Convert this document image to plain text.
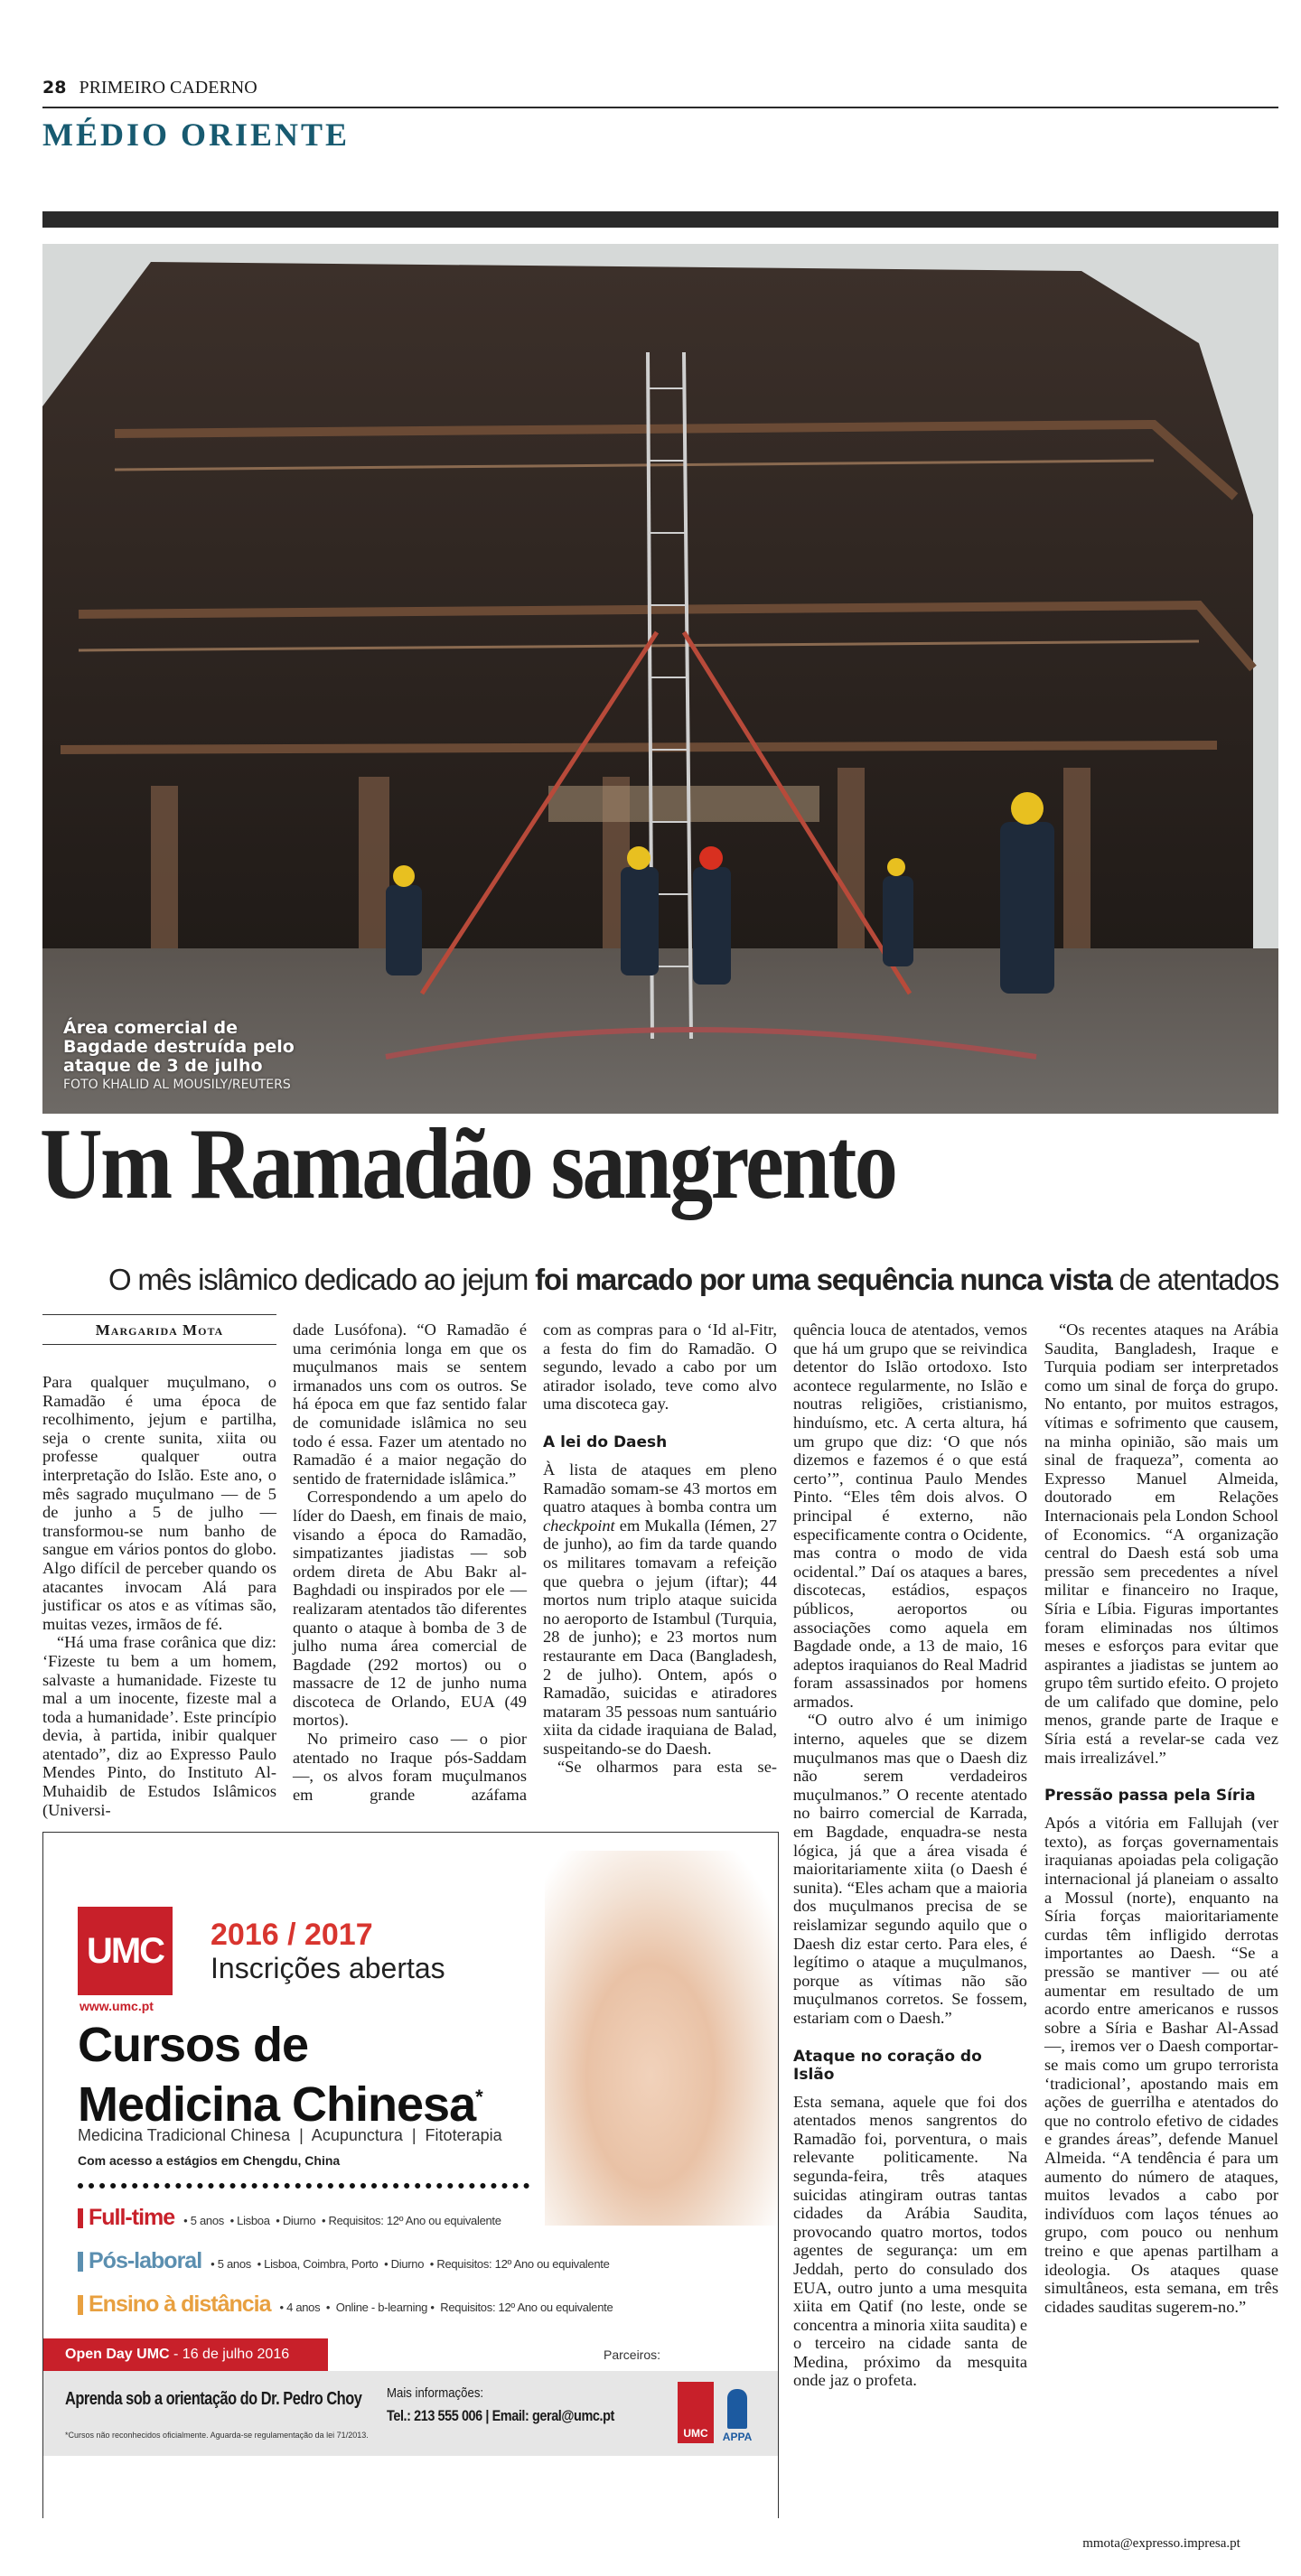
28 PRIMEIRO CADERNO
MÉDIO ORIENTE
Área comercial de Bagdade destruída pelo ataque de 3 de julho
FOTO KHALID AL MOUSILY/REUTERS
Um Ramadão sangrento
O mês islâmico dedicado ao jejum foi marcado por uma sequência nunca vista de atentados
Margarida Mota

Para qualquer muçulmano, o Ramadão é uma época de recolhimento, jejum e partilha, seja o crente sunita, xiita ou professe qualquer outra interpretação do Islão. Este ano, o mês sagrado muçulmano — de 5 de junho a 5 de julho — transformou-se num banho de sangue em vários pontos do globo. Algo difícil de perceber quando os atacantes invocam Alá para justificar os atos e as vítimas são, muitas vezes, irmãos de fé.

“Há uma frase corânica que diz: ‘Fizeste tu bem a um homem, salvaste a humanidade. Fizeste tu mal a um inocente, fizeste mal a toda a humanidade’. Este princípio devia, à partida, inibir qualquer atentado”, diz ao Expresso Paulo Mendes Pinto, do Instituto Al-Muhaidib de Estudos Islâmicos (Universi-

dade Lusófona). “O Ramadão é uma cerimónia longa em que os muçulmanos mais se sentem irmanados uns com os outros. Se há época em que faz sentido falar de comunidade islâmica no seu todo é essa. Fazer um atentado no Ramadão é a maior negação do sentido de fraternidade islâmica.”

Correspondendo a um apelo do líder do Daesh, em finais de maio, visando a época do Ramadão, simpatizantes jiadistas — sob ordem direta de Abu Bakr al-Baghdadi ou inspirados por ele — realizaram atentados tão diferentes quanto o ataque à bomba de 3 de julho numa área comercial de Bagdade (292 mortos) ou o massacre de 12 de junho numa discoteca de Orlando, EUA (49 mortos).

No primeiro caso — o pior atentado no Iraque pós-Saddam —, os alvos foram muçulmanos em grande azáfama

com as compras para o ‘Id al-Fitr, a festa do fim do Ramadão. O segundo, levado a cabo por um atirador isolado, teve como alvo uma discoteca gay.

A lei do Daesh

À lista de ataques em pleno Ramadão somam-se 43 mortos em quatro ataques à bomba contra um checkpoint em Mukalla (Iémen, 27 de junho), ao fim da tarde quando os militares tomavam a refeição que quebra o jejum (iftar); 44 mortos num triplo ataque suicida no aeroporto de Istambul (Turquia, 28 de junho); e 23 mortos num restaurante em Daca (Bangladesh, 2 de julho). Ontem, após o Ramadão, suicidas e atiradores mataram 35 pessoas num santuário xiita da cidade iraquiana de Balad, suspeitando-se do Daesh.

“Se olharmos para esta se-

quência louca de atentados, vemos que há um grupo que se reivindica detentor do Islão ortodoxo. Isto acontece regularmente, no Islão e noutras religiões, cristianismo, hinduísmo, etc. A certa altura, há um grupo que diz: ‘O que nós dizemos e fazemos é o que está certo’”, continua Paulo Mendes Pinto. “Eles têm dois alvos. O principal é externo, não especificamente contra o Ocidente, mas contra o modo de vida ocidental.” Daí os ataques a bares, discotecas, estádios, espaços públicos, aeroportos ou associações como aquela em Bagdade onde, a 13 de maio, 16 adeptos iraquianos do Real Madrid foram assassinados por homens armados.

“O outro alvo é um inimigo interno, aqueles que se dizem muçulmanos mas que o Daesh diz não serem verdadeiros muçulmanos.” O recente atentado no bairro comercial de Karrada, em Bagdade, enquadra-se nesta lógica, já que a área visada é maioritariamente xiita (o Daesh é sunita). “Eles acham que a maioria dos muçulmanos precisa de se reislamizar segundo aquilo que o Daesh diz estar certo. Para eles, é legítimo o ataque a muçulmanos, porque as vítimas não são muçulmanos corretos. Se fossem, estariam com o Daesh.”

Ataque no coração do Islão

Esta semana, aquele que foi dos atentados menos sangrentos do Ramadão foi, porventura, o mais relevante politicamente. Na segunda-feira, três ataques suicidas atingiram outras tantas cidades da Arábia Saudita, provocando quatro mortos, todos agentes de segurança: um em Jeddah, perto do consulado dos EUA, outro junto a uma mesquita xiita em Qatif (no leste, onde se concentra a minoria xiita saudita) e o terceiro na cidade santa de Medina, próximo da mesquita onde jaz o profeta.

“Os recentes ataques na Arábia Saudita, Bangladesh, Iraque e Turquia podiam ser interpretados como um sinal de força do grupo. No entanto, por muitos estragos, vítimas e sofrimento que causem, na minha opinião, são mais um sinal de fraqueza”, comenta ao Expresso Manuel Almeida, doutorado em Relações Internacionais pela London School of Economics. “A organização central do Daesh está sob uma pressão sem precedentes a nível militar e financeiro no Iraque, Síria e Líbia. Figuras importantes foram eliminadas nos últimos meses e esforços para evitar que aspirantes a jiadistas se juntem ao grupo têm surtido efeito. O projeto de um califado que domine, pelo menos, grande parte de Iraque e Síria está a revelar-se cada vez mais irrealizável.”

Pressão passa pela Síria

Após a vitória em Fallujah (ver texto), as forças governamentais iraquianas apoiadas pela coligação internacional já planeiam o assalto a Mossul (norte), enquanto na Síria forças maioritariamente curdas têm infligido derrotas importantes ao Daesh. “Se a pressão se mantiver — ou até aumentar em resultado de um acordo entre americanos e russos sobre a Síria e Bashar Al-Assad —, iremos ver o Daesh comportar-se mais como um grupo terrorista ‘tradicional’, apostando mais em ações de guerrilha e atentados do que no controlo efetivo de cidades e grandes áreas”, defende Manuel Almeida. “A tendência é para um aumento do número de ataques, muitos levados a cabo por indivíduos com laços ténues ao grupo, com pouco ou nenhum treino e que apenas partilham a ideologia. Os ataques quase simultâneos, esta semana, em três cidades sauditas sugerem-no.”

mmota@expresso.impresa.pt
UMC
www.umc.pt
2016 / 2017
Inscrições abertas
Cursos de
Medicina Chinesa*
Medicina Tradicional Chinesa  |  Acupunctura  |  Fitoterapia
Com acesso a estágios em Chengdu, China
Full-time • 5 anos  • Lisboa  • Diurno  • Requisitos: 12º Ano ou equivalente
Pós-laboral • 5 anos  • Lisboa, Coimbra, Porto  • Diurno  • Requisitos: 12º Ano ou equivalente
Ensino à distância • 4 anos  •  Online - b-learning •  Requisitos: 12º Ano ou equivalente
Open Day UMC - 16 de julho 2016	Parceiros:
Aprenda sob a orientação do Dr. Pedro Choy
*Cursos não reconhecidos oficialmente. Aguarda-se regulamentação da lei 71/2013.
Mais informações:
Tel.: 213 555 006 | Email: geral@umc.pt
UMC	APPA
